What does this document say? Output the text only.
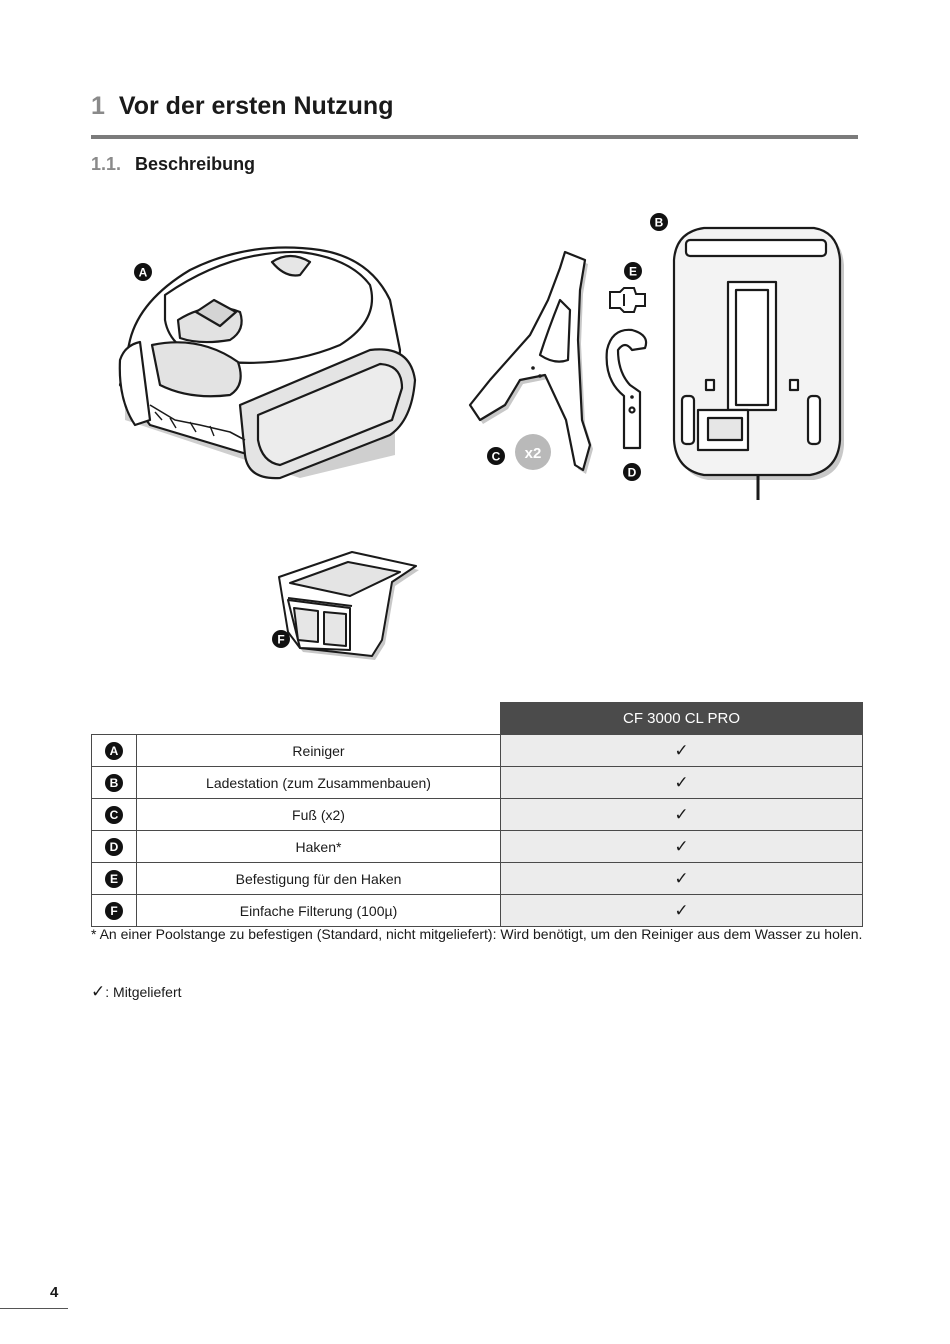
1 Vor der ersten Nutzung
1.1. Beschreibung
x2
A
B
C
D
E
F
		CF 3000 CL PRO
A	Reiniger	✓
B	Ladestation (zum Zusammenbauen)	✓
C	Fuß (x2)	✓
D	Haken*	✓
E	Befestigung für den Haken	✓
F	Einfache Filterung (100µ)	✓
* An einer Poolstange zu befestigen (Standard, nicht mitgeliefert): Wird benötigt, um den Reiniger aus dem Wasser zu holen.
✓: Mitgeliefert
4
